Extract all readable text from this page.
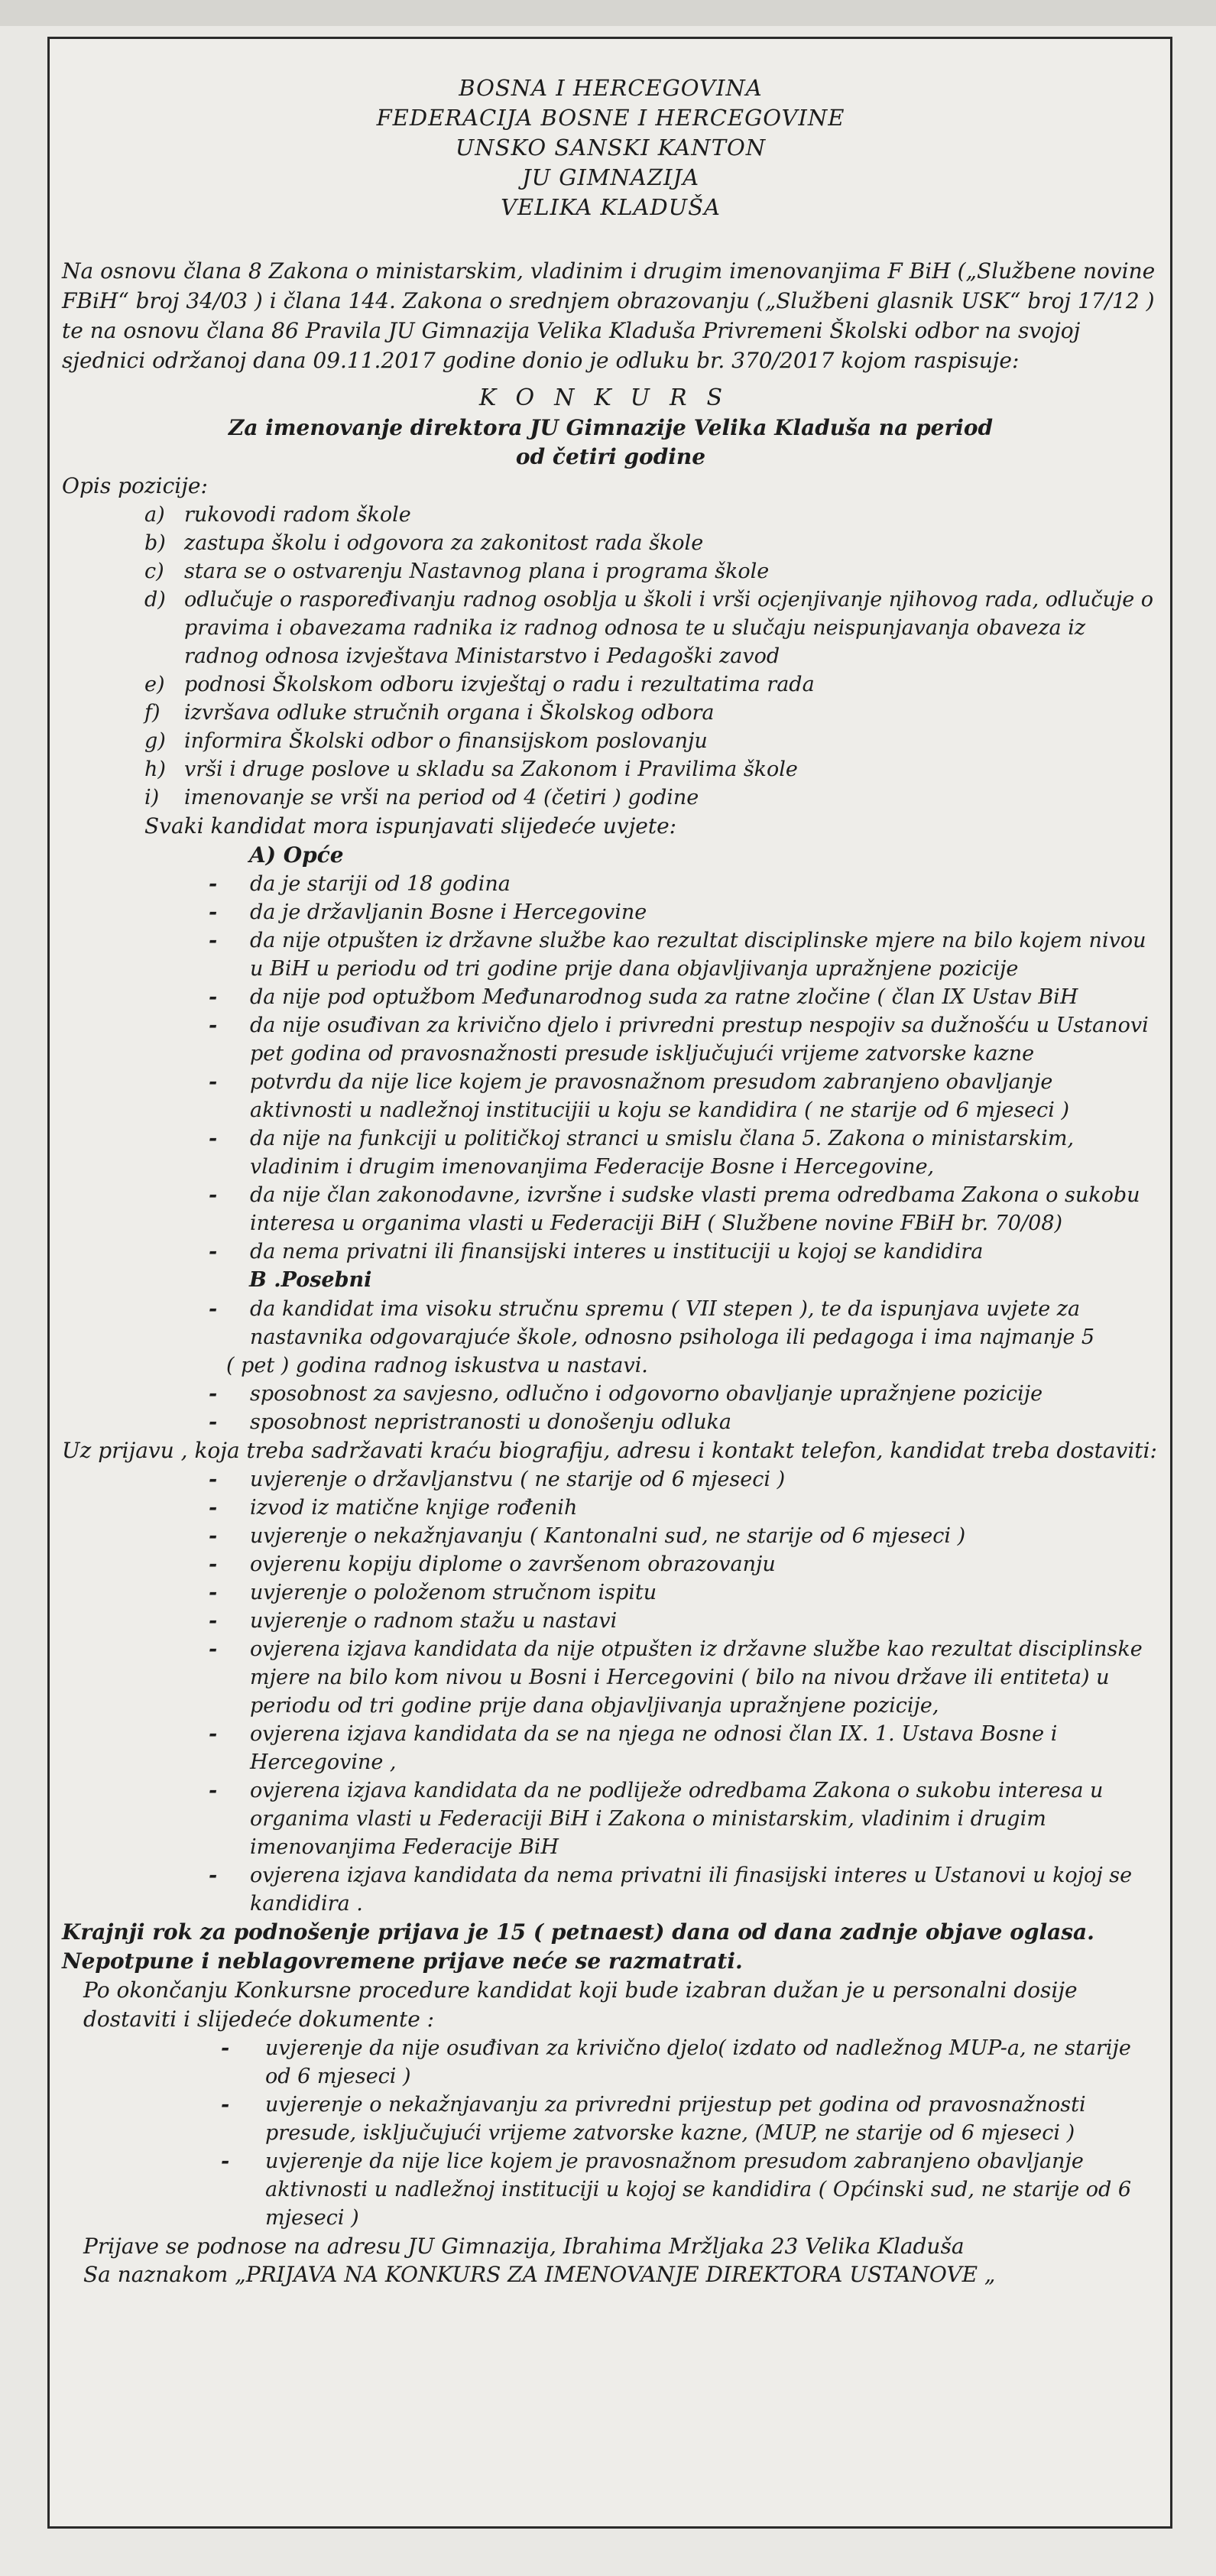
BOSNA I HERCEGOVINA
FEDERACIJA BOSNE I HERCEGOVINE
UNSKO SANSKI KANTON
JU GIMNAZIJA
VELIKA KLADUŠA

Na osnovu člana 8 Zakona o ministarskim, vladinim i drugim imenovanjima F BiH („Službene novine FBiH“ broj 34/03 ) i člana 144. Zakona o srednjem obrazovanju („Službeni glasnik USK“ broj 17/12 ) te na osnovu člana 86 Pravila JU Gimnazija Velika Kladuša Privremeni Školski odbor na svojoj sjednici održanoj dana 09.11.2017 godine donio je odluku br. 370/2017 kojom raspisuje:

KONKURS
Za imenovanje direktora JU Gimnazije Velika Kladuša na period
od četiri godine
Opis pozicije:
a) rukovodi radom škole
b) zastupa školu i odgovora za zakonitost rada škole
c) stara se o ostvarenju Nastavnog plana i programa škole
d) odlučuje o raspoređivanju radnog osoblja u školi i vrši ocjenjivanje njihovog rada, odlučuje o pravima i obavezama radnika iz radnog odnosa te u slučaju neispunjavanja obaveza iz radnog odnosa izvještava Ministarstvo i Pedagoški zavod
e) podnosi Školskom odboru izvještaj o radu i rezultatima rada
f) izvršava odluke stručnih organa i Školskog odbora
g) informira Školski odbor o finansijskom poslovanju
h) vrši i druge poslove u skladu sa Zakonom i Pravilima škole
i) imenovanje se vrši na period od 4 (četiri ) godine
Svaki kandidat mora ispunjavati slijedeće uvjete:
A) Opće
- da je stariji od 18 godina
- da je državljanin Bosne i Hercegovine
- da nije otpušten iz državne službe kao rezultat disciplinske mjere na bilo kojem nivou u BiH u periodu od tri godine prije dana objavljivanja upražnjene pozicije
- da nije pod optužbom Međunarodnog suda za ratne zločine ( član IX Ustav BiH
- da nije osuđivan za krivično djelo i privredni prestup nespojiv sa dužnošću u Ustanovi pet godina od pravosnažnosti presude isključujući vrijeme zatvorske kazne
- potvrdu da nije lice kojem je pravosnažnom presudom zabranjeno obavljanje aktivnosti u nadležnoj institucijii u koju se kandidira ( ne starije od 6 mjeseci )
- da nije na funkciji u političkoj stranci u smislu člana 5. Zakona o ministarskim, vladinim i drugim imenovanjima Federacije Bosne i Hercegovine,
- da nije član zakonodavne, izvršne i sudske vlasti prema odredbama Zakona o sukobu interesa u organima vlasti u Federaciji BiH ( Službene novine FBiH br. 70/08)
- da nema privatni ili finansijski interes u instituciji u kojoj se kandidira
B .Posebni
- da kandidat ima visoku stručnu spremu ( VII stepen ), te da ispunjava uvjete za nastavnika odgovarajuće škole, odnosno psihologa ili pedagoga i ima najmanje 5
( pet ) godina radnog iskustva u nastavi.
- sposobnost za savjesno, odlučno i odgovorno obavljanje upražnjene pozicije
- sposobnost nepristranosti u donošenju odluka
Uz prijavu , koja treba sadržavati kraću biografiju, adresu i kontakt telefon, kandidat treba dostaviti:
- uvjerenje o državljanstvu ( ne starije od 6 mjeseci )
- izvod iz matične knjige rođenih
- uvjerenje o nekažnjavanju ( Kantonalni sud, ne starije od 6 mjeseci )
- ovjerenu kopiju diplome o završenom obrazovanju
- uvjerenje o položenom stručnom ispitu
- uvjerenje o radnom stažu u nastavi
- ovjerena izjava kandidata da nije otpušten iz državne službe kao rezultat disciplinske mjere na bilo kom nivou u Bosni i Hercegovini ( bilo na nivou države ili entiteta) u periodu od tri godine prije dana objavljivanja upražnjene pozicije,
- ovjerena izjava kandidata da se na njega ne odnosi član IX. 1. Ustava Bosne i Hercegovine ,
- ovjerena izjava kandidata da ne podliježe odredbama Zakona o sukobu interesa u organima vlasti u Federaciji BiH i Zakona o ministarskim, vladinim i drugim imenovanjima Federacije BiH
- ovjerena izjava kandidata da nema privatni ili finasijski interes u Ustanovi u kojoj se kandidira .
Krajnji rok za podnošenje prijava je 15 ( petnaest) dana od dana zadnje objave oglasa.
Nepotpune i neblagovremene prijave neće se razmatrati.
Po okončanju Konkursne procedure kandidat koji bude izabran dužan je u personalni dosije dostaviti i slijedeće dokumente :
- uvjerenje da nije osuđivan za krivično djelo( izdato od nadležnog MUP-a, ne starije od 6 mjeseci )
- uvjerenje o nekažnjavanju za privredni prijestup pet godina od pravosnažnosti presude, isključujući vrijeme zatvorske kazne, (MUP, ne starije od 6 mjeseci )
- uvjerenje da nije lice kojem je pravosnažnom presudom zabranjeno obavljanje aktivnosti u nadležnoj instituciji u kojoj se kandidira ( Općinski sud, ne starije od 6 mjeseci )
Prijave se podnose na adresu JU Gimnazija, Ibrahima Mržljaka 23 Velika Kladuša
Sa naznakom „PRIJAVA NA KONKURS ZA IMENOVANJE DIREKTORA USTANOVE „
